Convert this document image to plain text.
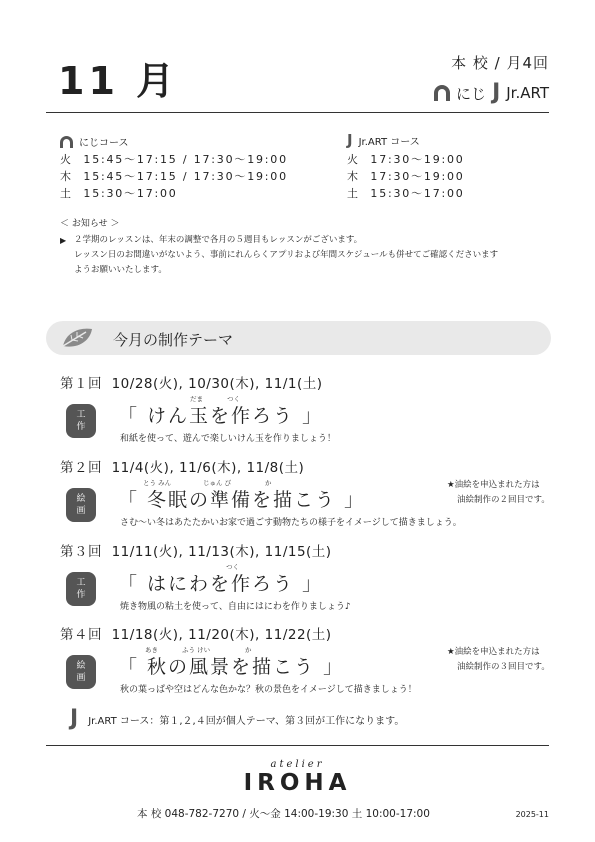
11 月	本 校 / 月4回
にじ J Jr.ART
にじコース
火  15:45〜17:15 / 17:30〜19:00
木  15:45〜17:15 / 17:30〜19:00
土  15:30〜17:00
J Jr.ART コース
火  17:30〜19:00
木  17:30〜19:00
土  15:30〜17:00
＜ お知らせ ＞
▶ ２学期のレッスンは、年末の調整で各月の５週目もレッスンがございます。
レッスン日のお間違いがないよう、事前にれんらくアプリおよび年間スケジュールも併せてご確認くださいます
ようお願いいたします。
今月の制作テーマ
第１回 10/28(火), 10/30(木), 11/1(土)
工
作
だま	つく
「 けん玉を作ろう 」
和紙を使って、遊んで楽しいけん玉を作りましょう！
第２回 11/4(火), 11/6(木), 11/8(土)
絵
画
とう みん	じゅん び	か
「 冬眠の準備を描こう 」
★油絵を申込まれた方は
油絵制作の２回目です。
さむ〜い冬はあたたかいお家で過ごす動物たちの様子をイメージして描きましょう。
第３回 11/11(火), 11/13(木), 11/15(土)
工
作
つく
「 はにわを作ろう 」
焼き物風の粘土を使って、自由にはにわを作りましょう♪
第４回 11/18(火), 11/20(木), 11/22(土)
絵
画
あき	ふう けい	か
「 秋の風景を描こう 」
★油絵を申込まれた方は
油絵制作の３回目です。
秋の葉っぱや空はどんな色かな？秋の景色をイメージして描きましょう！
J Jr.ART コース：第１,２,４回が個人テーマ、第３回が工作になります。
atelier
IROHA
本 校 048-782-7270 / 火〜金 14:00-19:30 土 10:00-17:00	2025-11
